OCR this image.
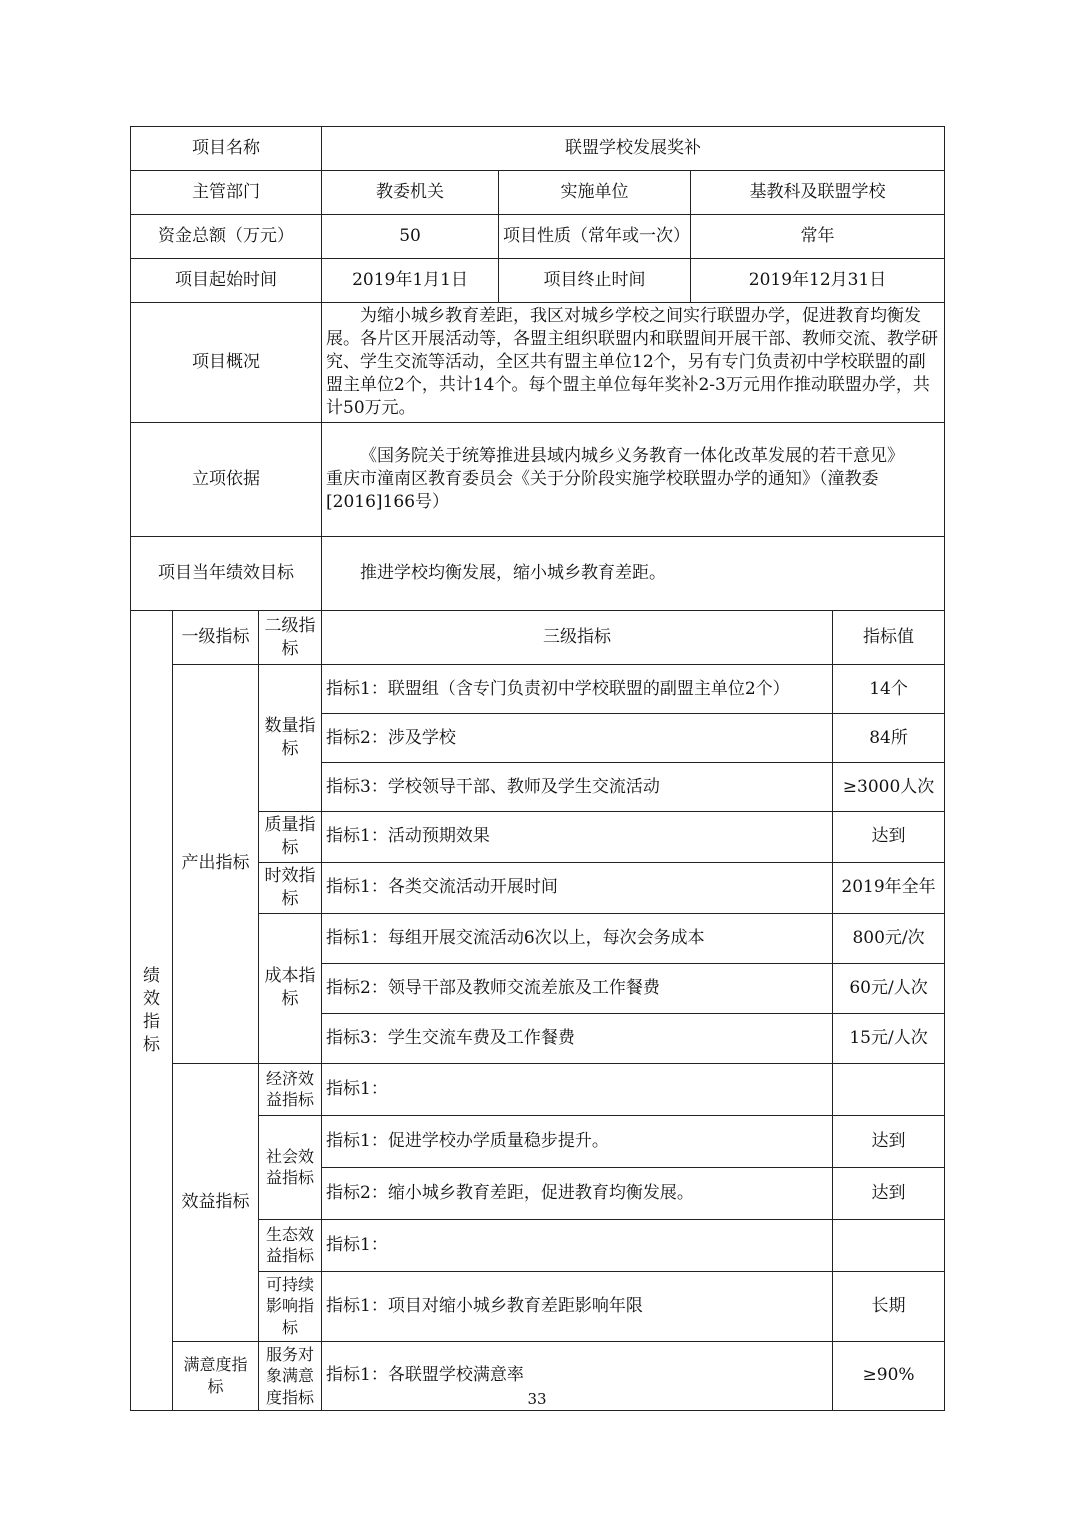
项目名称			联盟学校发展奖补			
主管部门			教委机关	实施单位	基教科及联盟学校	
资金总额（万元）			50	项目性质（常年或一次）	常年	
项目起始时间			2019年1月1日	项目终止时间	2019年12月31日	
项目概况			为缩小城乡教育差距，我区对城乡学校之间实行联盟办学，促进教育均衡发展。各片区开展活动等，各盟主组织联盟内和联盟间开展干部、教师交流、教学研究、学生交流等活动，全区共有盟主单位12个，另有专门负责初中学校联盟的副盟主单位2个，共计14个。每个盟主单位每年奖补2-3万元用作推动联盟办学，共计50万元。			
立项依据			《国务院关于统筹推进县域内城乡义务教育一体化改革发展的若干意见》
重庆市潼南区教育委员会《关于分阶段实施学校联盟办学的通知》（潼教委[2016]166号）			

项目当年绩效目标			推进学校均衡发展，缩小城乡教育差距。			
绩效指标	一级指标	二级指标	三级指标			指标值
	产出指标	数量指标	指标1：联盟组（含专门负责初中学校联盟的副盟主单位2个）			14个
			指标2：涉及学校			84所
			指标3：学校领导干部、教师及学生交流活动			≥3000人次
		质量指标	指标1：活动预期效果			达到
		时效指标	指标1：各类交流活动开展时间			2019年全年
		成本指标	指标1：每组开展交流活动6次以上，每次会务成本			800元/次
			指标2：领导干部及教师交流差旅及工作餐费			60元/人次
			指标3：学生交流车费及工作餐费			15元/人次
	效益指标	经济效益指标	指标1：			
		社会效益指标	指标1：促进学校办学质量稳步提升。			达到
			指标2：缩小城乡教育差距，促进教育均衡发展。			达到
		生态效益指标	指标1：			
		可持续影响指标	指标1：项目对缩小城乡教育差距影响年限			长期
	满意度指标	服务对象满意度指标	指标1：各联盟学校满意率			≥90%
33
